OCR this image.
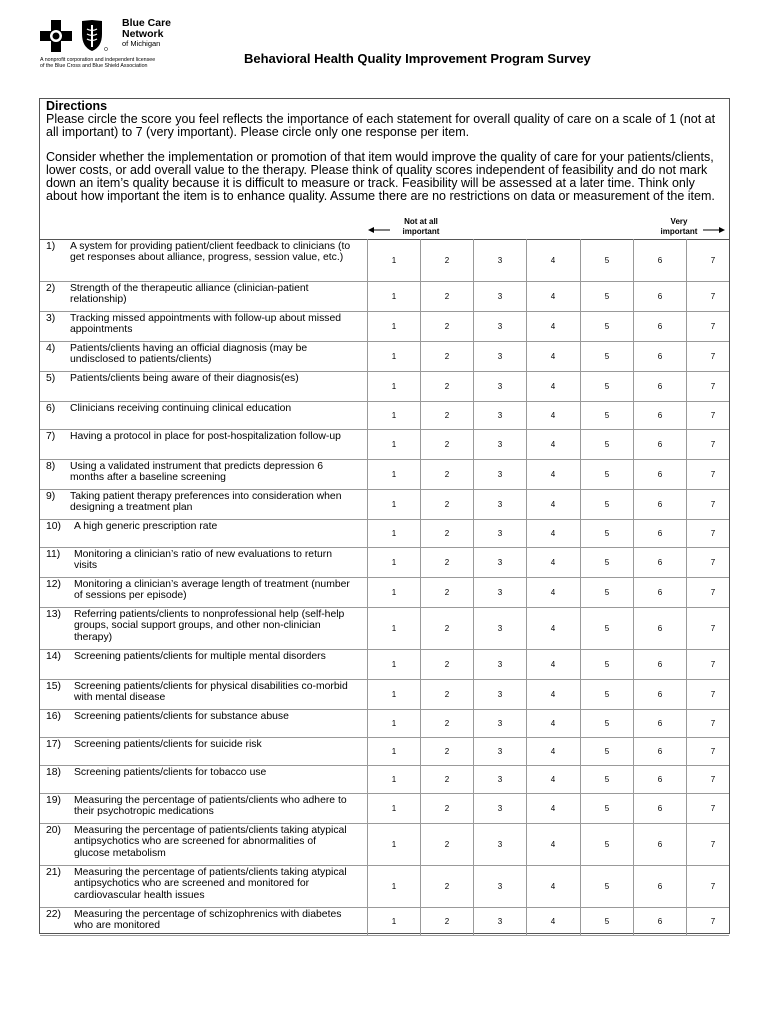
Blue Care
Network
of Michigan
A nonprofit corporation and independent licensee
of the Blue Cross and Blue Shield Association
Behavioral Health Quality Improvement Program Survey
Directions
Please circle the score you feel reflects the importance of each statement for overall quality of care on a scale of 1 (not at all important) to 7 (very important). Please circle only one response per item.
Consider whether the implementation or promotion of that item would improve the quality of care for your patients/clients, lower costs, or add overall value to the therapy. Please think of quality scores independent of feasibility and do not mark down an item’s quality because it is difficult to measure or track. Feasibility will be assessed at a later time. Think only about how important the item is to enhance quality. Assume there are no restrictions on data or measurement of the item.
Not at all important
Very important
1)	A system for providing patient/client feedback to clinicians (to get responses about alliance, progress, session value, etc.)	1	2	3	4	5	6	7
2)	Strength of the therapeutic alliance (clinician-patient relationship)	1	2	3	4	5	6	7
3)	Tracking missed appointments with follow-up about missed appointments	1	2	3	4	5	6	7
4)	Patients/clients having an official diagnosis (may be undisclosed to patients/clients)	1	2	3	4	5	6	7
5)	Patients/clients being aware of their diagnosis(es)
1	2	3	4	5	6	7
6)	Clinicians receiving continuing clinical education
1	2	3	4	5	6	7
7)	Having a protocol in place for post-hospitalization follow-up
1	2	3	4	5	6	7
8)	Using a validated instrument that predicts depression 6 months after a baseline screening	1	2	3	4	5	6	7
9)	Taking patient therapy preferences into consideration when designing a treatment plan	1	2	3	4	5	6	7
10)	A high generic prescription rate
1	2	3	4	5	6	7
11)	Monitoring a clinician’s ratio of new evaluations to return visits	1	2	3	4	5	6	7
12)	Monitoring a clinician’s average length of treatment (number of sessions per episode)	1	2	3	4	5	6	7
13)	Referring patients/clients to nonprofessional help (self-help groups, social support groups, and other non-clinician therapy)
1	2	3	4	5	6	7
14)	Screening patients/clients for multiple mental disorders
1	2	3	4	5	6	7
15)	Screening patients/clients for physical disabilities co-morbid with mental disease	1	2	3	4	5	6	7
16)	Screening patients/clients for substance abuse
1	2	3	4	5	6	7
17)	Screening patients/clients for suicide risk
1	2	3	4	5	6	7
18)	Screening patients/clients for tobacco use
1	2	3	4	5	6	7
19)	Measuring the percentage of patients/clients who adhere to their psychotropic medications	1	2	3	4	5	6	7
20)	Measuring the percentage of patients/clients taking atypical antipsychotics who are screened for abnormalities of glucose metabolism
1	2	3	4	5	6	7
21)	Measuring the percentage of patients/clients taking atypical antipsychotics who are screened and monitored for cardiovascular health issues
1	2	3	4	5	6	7
22)	Measuring the percentage of schizophrenics with diabetes who are monitored	1	2	3	4	5	6	7
